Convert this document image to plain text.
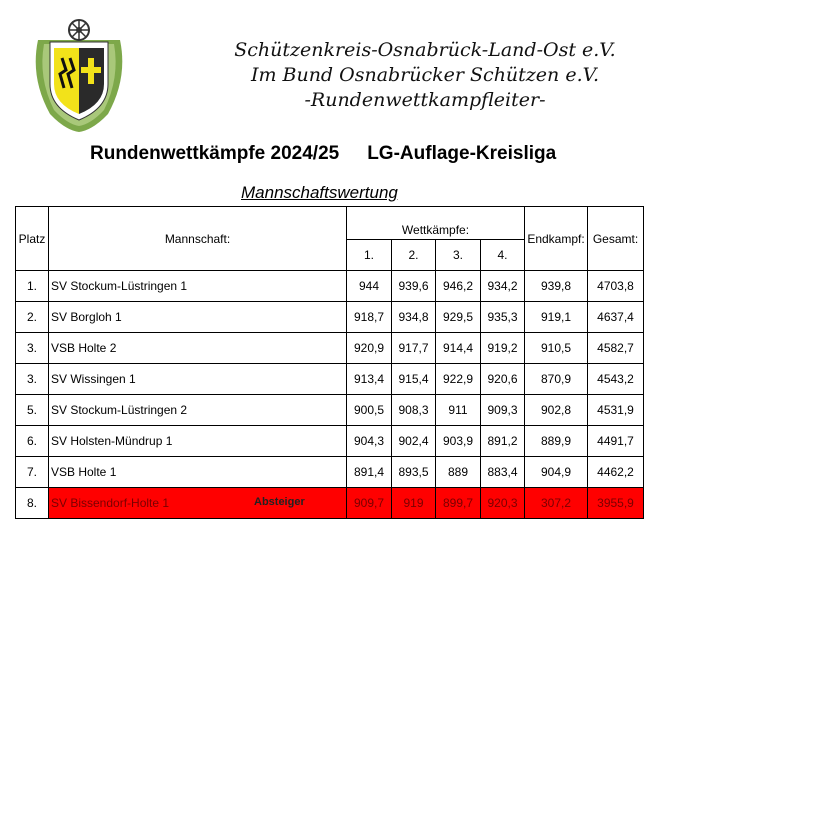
Schützenkreis-Osnabrück-Land-Ost e.V.
Im Bund Osnabrücker Schützen e.V.
-Rundenwettkampfleiter-
Rundenwettkämpfe 2024/25 LG-Auflage-Kreisliga
Mannschaftswertung
Platz	Mannschaft:	Wettkämpfe:				Endkampf:	Gesamt:
		1.	2.	3.	4.		
1.	SV Stockum-Lüstringen 1	944	939,6	946,2	934,2	939,8	4703,8
2.	SV Borgloh 1	918,7	934,8	929,5	935,3	919,1	4637,4
3.	VSB Holte 2	920,9	917,7	914,4	919,2	910,5	4582,7
3.	SV Wissingen 1	913,4	915,4	922,9	920,6	870,9	4543,2
5.	SV Stockum-Lüstringen 2	900,5	908,3	911	909,3	902,8	4531,9
6.	SV Holsten-Mündrup 1	904,3	902,4	903,9	891,2	889,9	4491,7
7.	VSB Holte 1	891,4	893,5	889	883,4	904,9	4462,2
8.	SV Bissendorf-Holte 1 Absteiger	909,7	919	899,7	920,3	307,2	3955,9
